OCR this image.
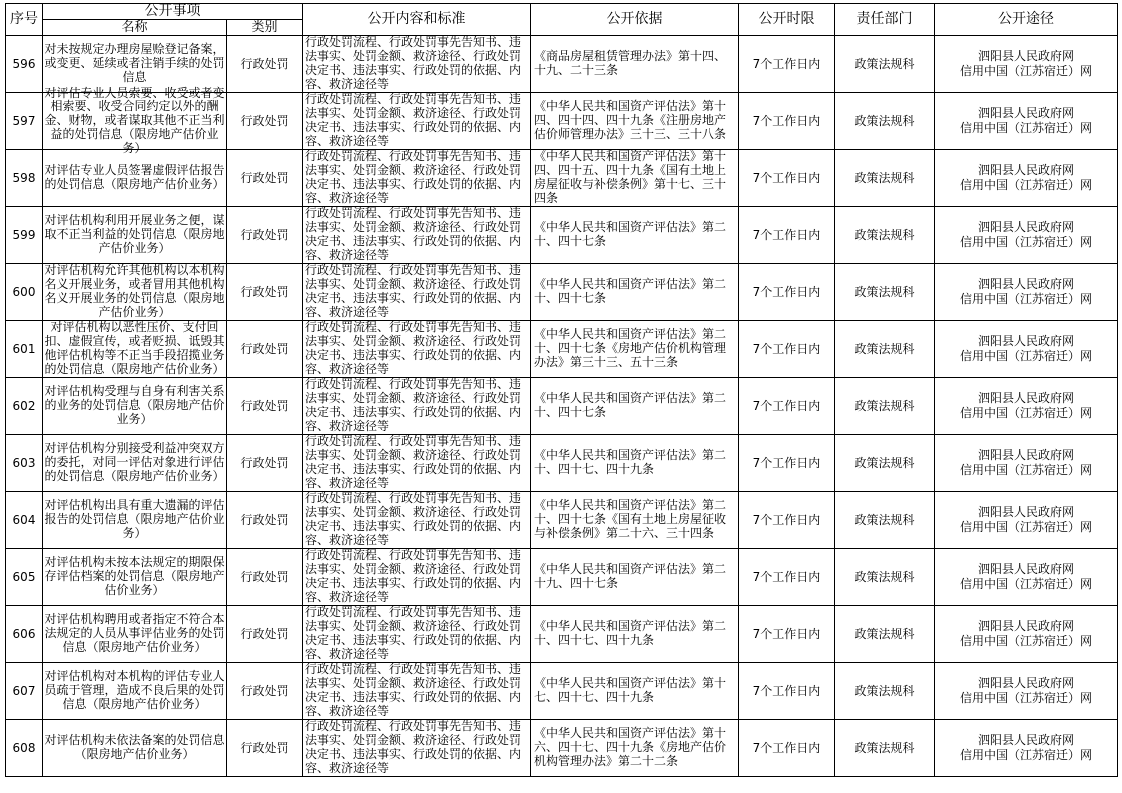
序号	公开事项		公开内容和标准	公开依据	公开时限	责任部门	公开途径
	名称	类别					

596	对未按规定办理房屋赊登记备案，或变更、延续或者注销手续的处罚信息	行政处罚	行政处罚流程、行政处罚事先告知书、违法事实、处罚金额、救济途径、行政处罚决定书、违法事实、行政处罚的依据、内容、救济途径等	《商品房屋租赁管理办法》第十四、十九、二十三条	7个工作日内	政策法规科	泗阳县人民政府网
信用中国（江苏宿迁）网

597	对评估专业人员索要、收受或者变相索要、收受合同约定以外的酬金、财物，或者谋取其他不正当利益的处罚信息（限房地产估价业务）	行政处罚	行政处罚流程、行政处罚事先告知书、违法事实、处罚金额、救济途径、行政处罚决定书、违法事实、行政处罚的依据、内容、救济途径等	《中华人民共和国资产评估法》第十四、四十四、四十九条《注册房地产估价师管理办法》三十三、三十八条	7个工作日内	政策法规科	泗阳县人民政府网
信用中国（江苏宿迁）网

598	对评估专业人员签署虚假评估报告的处罚信息（限房地产估价业务）	行政处罚	行政处罚流程、行政处罚事先告知书、违法事实、处罚金额、救济途径、行政处罚决定书、违法事实、行政处罚的依据、内容、救济途径等	《中华人民共和国资产评估法》第十四、四十五、四十九条《国有土地上房屋征收与补偿条例》第十七、三十四条	7个工作日内	政策法规科	泗阳县人民政府网
信用中国（江苏宿迁）网

599	对评估机构利用开展业务之便，谋取不正当利益的处罚信息（限房地产估价业务）	行政处罚	行政处罚流程、行政处罚事先告知书、违法事实、处罚金额、救济途径、行政处罚决定书、违法事实、行政处罚的依据、内容、救济途径等	《中华人民共和国资产评估法》第二十、四十七条	7个工作日内	政策法规科	泗阳县人民政府网
信用中国（江苏宿迁）网

600	对评估机构允许其他机构以本机构名义开展业务，或者冒用其他机构名义开展业务的处罚信息（限房地产估价业务）	行政处罚	行政处罚流程、行政处罚事先告知书、违法事实、处罚金额、救济途径、行政处罚决定书、违法事实、行政处罚的依据、内容、救济途径等	《中华人民共和国资产评估法》第二十、四十七条	7个工作日内	政策法规科	泗阳县人民政府网
信用中国（江苏宿迁）网

601	对评估机构以恶性压价、支付回扣、虚假宣传，或者贬损、诋毁其他评估机构等不正当手段招揽业务的处罚信息（限房地产估价业务）	行政处罚	行政处罚流程、行政处罚事先告知书、违法事实、处罚金额、救济途径、行政处罚决定书、违法事实、行政处罚的依据、内容、救济途径等	《中华人民共和国资产评估法》第二十、四十七条《房地产估价机构管理办法》第三十三、五十三条	7个工作日内	政策法规科	泗阳县人民政府网
信用中国（江苏宿迁）网

602	对评估机构受理与自身有利害关系的业务的处罚信息（限房地产估价业务）	行政处罚	行政处罚流程、行政处罚事先告知书、违法事实、处罚金额、救济途径、行政处罚决定书、违法事实、行政处罚的依据、内容、救济途径等	《中华人民共和国资产评估法》第二十、四十七条	7个工作日内	政策法规科	泗阳县人民政府网
信用中国（江苏宿迁）网

603	对评估机构分别接受利益冲突双方的委托，对同一评估对象进行评估的处罚信息（限房地产估价业务）	行政处罚	行政处罚流程、行政处罚事先告知书、违法事实、处罚金额、救济途径、行政处罚决定书、违法事实、行政处罚的依据、内容、救济途径等	《中华人民共和国资产评估法》第二十、四十七、四十九条	7个工作日内	政策法规科	泗阳县人民政府网
信用中国（江苏宿迁）网

604	对评估机构出具有重大遗漏的评估报告的处罚信息（限房地产估价业务）	行政处罚	行政处罚流程、行政处罚事先告知书、违法事实、处罚金额、救济途径、行政处罚决定书、违法事实、行政处罚的依据、内容、救济途径等	《中华人民共和国资产评估法》第二十、四十七条《国有土地上房屋征收与补偿条例》第二十六、三十四条	7个工作日内	政策法规科	泗阳县人民政府网
信用中国（江苏宿迁）网

605	对评估机构未按本法规定的期限保存评估档案的处罚信息（限房地产估价业务）	行政处罚	行政处罚流程、行政处罚事先告知书、违法事实、处罚金额、救济途径、行政处罚决定书、违法事实、行政处罚的依据、内容、救济途径等	《中华人民共和国资产评估法》第二十九、四十七条	7个工作日内	政策法规科	泗阳县人民政府网
信用中国（江苏宿迁）网

606	对评估机构聘用或者指定不符合本法规定的人员从事评估业务的处罚信息（限房地产估价业务）	行政处罚	行政处罚流程、行政处罚事先告知书、违法事实、处罚金额、救济途径、行政处罚决定书、违法事实、行政处罚的依据、内容、救济途径等	《中华人民共和国资产评估法》第二十、四十七、四十九条	7个工作日内	政策法规科	泗阳县人民政府网
信用中国（江苏宿迁）网

607	对评估机构对本机构的评估专业人员疏于管理，造成不良后果的处罚信息（限房地产估价业务）	行政处罚	行政处罚流程、行政处罚事先告知书、违法事实、处罚金额、救济途径、行政处罚决定书、违法事实、行政处罚的依据、内容、救济途径等	《中华人民共和国资产评估法》第十七、四十七、四十九条	7个工作日内	政策法规科	泗阳县人民政府网
信用中国（江苏宿迁）网

608	对评估机构未依法备案的处罚信息（限房地产估价业务）	行政处罚	行政处罚流程、行政处罚事先告知书、违法事实、处罚金额、救济途径、行政处罚决定书、违法事实、行政处罚的依据、内容、救济途径等	《中华人民共和国资产评估法》第十六、四十七、四十九条《房地产估价机构管理办法》第二十二条	7个工作日内	政策法规科	泗阳县人民政府网
信用中国（江苏宿迁）网
